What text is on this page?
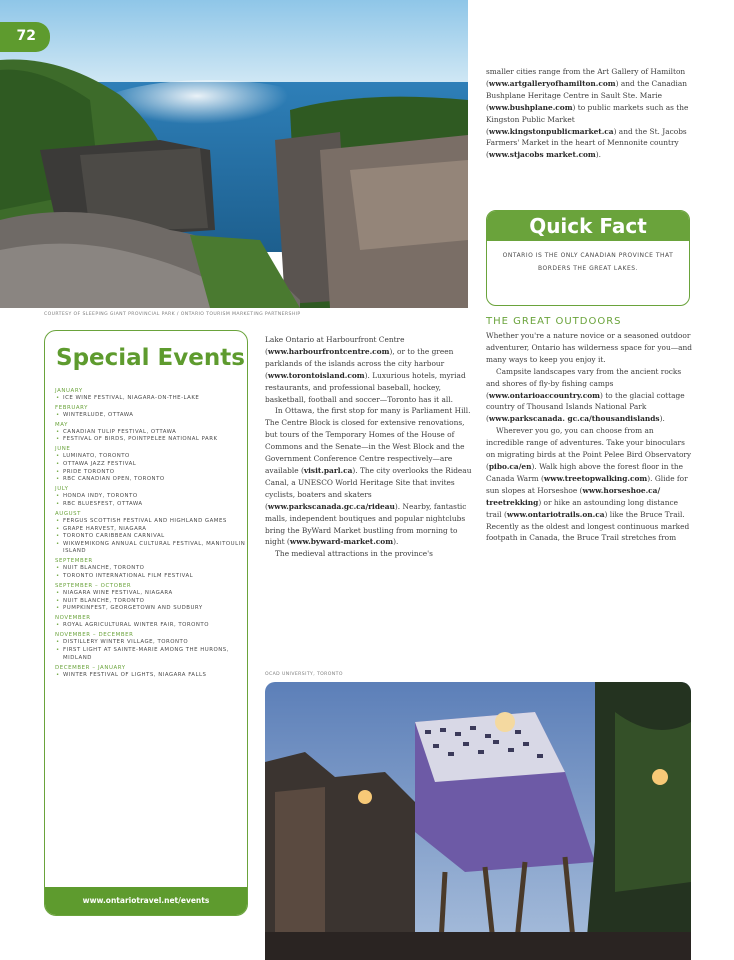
72
COURTESY OF SLEEPING GIANT PROVINCIAL PARK / ONTARIO TOURISM MARKETING PARTNERSHIP

smaller cities range from the Art Gallery of Hamilton (www.artgalleryofhamilton.com) and the Canadian Bushplane Heritage Centre in Sault Ste. Marie (www.bushplane.com) to public markets such as the Kingston Public Market (www.kingstonpublicmarket.ca) and the St. Jacobs Farmers' Market in the heart of Mennonite country (www.stjacobs market.com).

Quick Fact
ONTARIO IS THE ONLY CANADIAN PROVINCE THAT BORDERS THE GREAT LAKES.
THE GREAT OUTDOORS

Whether you're a nature novice or a seasoned outdoor adventurer, Ontario has wilderness space for you—and many ways to keep you enjoy it.

Campsite landscapes vary from the ancient rocks and shores of fly-by fishing camps (www.ontarioaccountry.com) to the glacial cottage country of Thousand Islands National Park (www.parkscanada. gc.ca/thousandislands).

Wherever you go, you can choose from an incredible range of adventures. Take your binoculars on migrating birds at the Point Pelee Bird Observatory (pibo.ca/en). Walk high above the forest floor in the Canada Warm (www.treetopwalking.com). Glide for sun slopes at Horseshoe (www.horseshoe.ca/ treetrekking) or hike an astounding long distance trail (www.ontariotrails.on.ca) like the Bruce Trail. Recently as the oldest and longest continuous marked footpath in Canada, the Bruce Trail stretches from

Lake Ontario at Harbourfront Centre (www.harbourfrontcentre.com), or to the green parklands of the islands across the city harbour (www.torontoisland.com). Luxurious hotels, myriad restaurants, and professional baseball, hockey, basketball, football and soccer—Toronto has it all.

In Ottawa, the first stop for many is Parliament Hill. The Centre Block is closed for extensive renovations, but tours of the Temporary Homes of the House of Commons and the Senate—in the West Block and the Government Conference Centre respectively—are available (visit.parl.ca). The city overlooks the Rideau Canal, a UNESCO World Heritage Site that invites cyclists, boaters and skaters (www.parkscanada.gc.ca/rideau). Nearby, fantastic malls, independent boutiques and popular nightclubs bring the ByWard Market bustling from morning to night (www.byward-market.com).

The medieval attractions in the province's

Special Events
JANUARY
• ICE WINE FESTIVAL, NIAGARA-ON-THE-LAKE
FEBRUARY
• WINTERLUDE, OTTAWA
MAY
• CANADIAN TULIP FESTIVAL, OTTAWA
• FESTIVAL OF BIRDS, POINTPELEE NATIONAL PARK
JUNE
• LUMINATO, TORONTO
• OTTAWA JAZZ FESTIVAL
• PRIDE TORONTO
• RBC CANADIAN OPEN, TORONTO
JULY
• HONDA INDY, TORONTO
• RBC BLUESFEST, OTTAWA
AUGUST
• FERGUS SCOTTISH FESTIVAL AND HIGHLAND GAMES
• GRAPE HARVEST, NIAGARA
• TORONTO CARIBBEAN CARNIVAL
• WIKWEMIKONG ANNUAL CULTURAL FESTIVAL, MANITOULIN ISLAND
SEPTEMBER
• NUIT BLANCHE, TORONTO
• TORONTO INTERNATIONAL FILM FESTIVAL
SEPTEMBER – OCTOBER
• NIAGARA WINE FESTIVAL, NIAGARA
• NUIT BLANCHE, TORONTO
• PUMPKINFEST, GEORGETOWN AND SUDBURY
NOVEMBER
• ROYAL AGRICULTURAL WINTER FAIR, TORONTO
NOVEMBER – DECEMBER
• DISTILLERY WINTER VILLAGE, TORONTO
• FIRST LIGHT AT SAINTE-MARIE AMONG THE HURONS, MIDLAND
DECEMBER – JANUARY
• WINTER FESTIVAL OF LIGHTS, NIAGARA FALLS
www.ontariotravel.net/events
OCAD UNIVERSITY, TORONTO
